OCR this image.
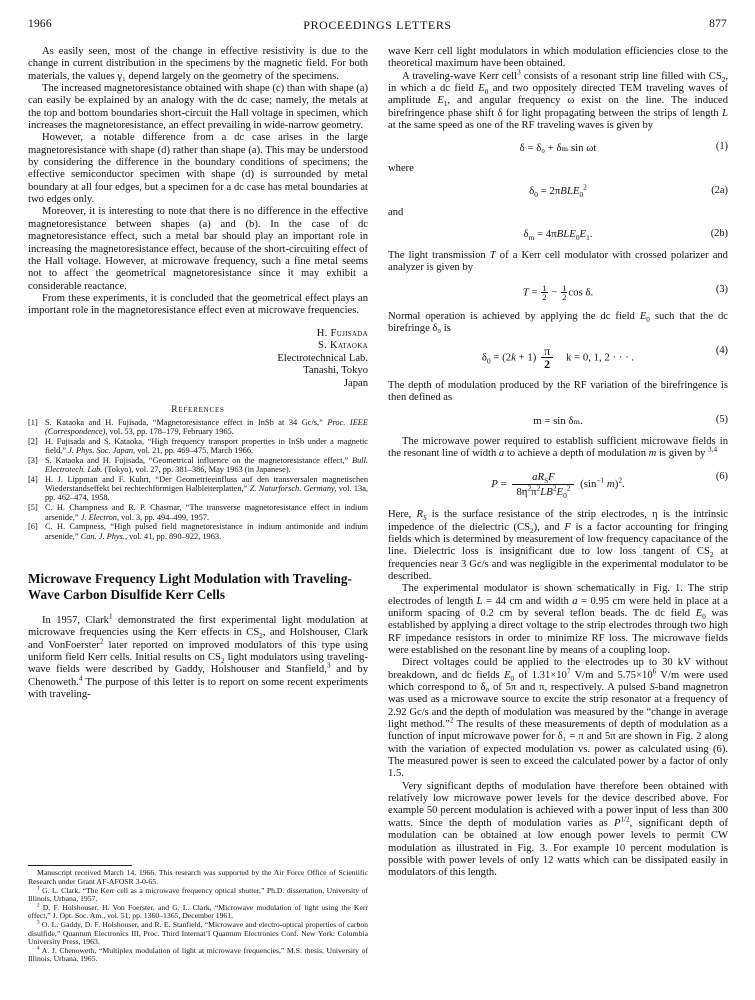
1966	PROCEEDINGS LETTERS	877

As easily seen, most of the change in effective resistivity is due to the change in current distribution in the specimens by the magnetic field. For both materials, the values γ₁ depend largely on the geometry of the specimens.

The increased magnetoresistance obtained with shape (c) than with shape (a) can easily be explained by an analogy with the dc case; namely, the metals at the top and bottom boundaries short-circuit the Hall voltage in specimen, which increases the magnetoresistance, an effect prevailing in wide-narrow geometry.

However, a notable difference from a dc case arises in the large magnetoresistance with shape (d) rather than shape (a). This may be understood by considering the difference in the boundary conditions of specimens; the effective semiconductor specimen with shape (d) is surrounded by metal boundary at all four edges, but a specimen for a dc case has metal boundaries at two edges only.

Moreover, it is interesting to note that there is no difference in the effective magnetoresistance between shapes (a) and (b). In the case of dc magnetoresistance effect, such a metal bar should play an important role in increasing the magnetoresistance effect, because of the short-circuiting effect of the Hall voltage. However, at microwave frequency, such a fine metal seems not to affect the geometrical magnetoresistance since it may exhibit a considerable reactance.

From these experiments, it is concluded that the geometrical effect plays an important role in the magnetoresistance effect even at microwave frequencies.

H. Fujisada
S. Kataoka
Electrotechnical Lab.
Tanashi, Tokyo
Japan
References
[1] S. Kataoka and H. Fujisada, “Magnetoresistance effect in InSb at 34 Gc/s,” Proc. IEEE (Correspondence), vol. 53, pp. 178–179, February 1965.
[2] H. Fujisada and S. Kataoka, “High frequency transport properties in InSb under a magnetic field,” J. Phys. Soc. Japan, vol. 21, pp. 469–475, March 1966.
[3] S. Kataoka and H. Fujisada, “Geometrical influence on the magnetoresistance effect,” Bull. Electrotech. Lab. (Tokyo), vol. 27, pp. 381–386, May 1963 (in Japanese).
[4] H. J. Lippman and F. Kuhrt, “Der Geometrieeinfluss auf den transversalen magnetischen Wiederstandseffekt bei rechtechförmigen Halbleiterplatten,” Z. Naturforsch. Germany, vol. 13a, pp. 462–474, 1958.
[5] C. H. Champness and R. P. Chasmar, “The transverse magnetoresistance effect in indium arsenide,” J. Electron, vol. 3, pp. 494–499, 1957.
[6] C. H. Campness, “High pulsed field magnetoresistance in indium antimonide and indium arsenide,” Can. J. Phys., vol. 41, pp. 890–922, 1963.
Microwave Frequency Light Modulation with Traveling-Wave Carbon Disulfide Kerr Cells

In 1957, Clark$^1$ demonstrated the first experimental light modulation at microwave frequencies using the Kerr effects in $CS_2$, and Holshouser, Clark and VonFoerster$^2$ later reported on improved modulators of this type using uniform field Kerr cells. Initial results on $CS_2$ light modulators using traveling-wave fields were described by Gaddy, Holshouser and Stanfield,$^3$ and by Chenoweth.$^4$ The purpose of this letter is to report on some recent experiments with traveling-

Manuscript received March 14, 1966. This research was supported by the Air Force Office of Scientific Research under Grant AF-AFOSR 3-0-65.

$^1$ G. L. Clark, “The Kerr cell as a microwave frequency optical shutter,” Ph.D. dissertation, University of Illinois, Urbana, 1957.

$^2$ D. F. Holshouser, H. Von Foerster, and G. L. Clark, “Microwave modulation of light using the Kerr effect,” J. Opt. Soc. Am., vol. 51, pp. 1360–1365, December 1961.

$^3$ O. L. Gaddy, D. F. Holshouser, and R. E. Stanfield, “Microwave and electro-optical properties of carbon disulfide,” Quantum Electronics III, Proc. Third Internat’l Quantum Electronics Conf. New York: Columbia University Press, 1963.

$^4$ A. J. Chenoweth, “Multiplex modulation of light at microwave frequencies,” M.S. thesis, University of Illinois, Urbana, 1965.

wave Kerr cell light modulators in which modulation efficiencies close to the theoretical maximum have been obtained.

A traveling-wave Kerr cell$^3$ consists of a resonant strip line filled with $CS_2$, in which a dc field $E_0$ and two oppositely directed TEM traveling waves of amplitude $E_1$, and angular frequency ω exist on the line. The induced birefringence phase shift δ for light propagating between the strips of length L at the same speed as one of the RF traveling waves is given by

δ = δ₀ + δₘ sin ωt	(1)

where

$\delta_0 = 2\pi BLE_0^2$	(2a)

and

$\delta_m = 4\pi BLE_0E_1$.	(2b)

The light transmission T of a Kerr cell modulator with crossed polarizer and analyzer is given by

$T = \frac{1}{2} - \frac{1}{2}$ cos δ.	(3)

Normal operation is achieved by applying the dc field $E_0$ such that the dc birefringe δ₀ is

$\delta_0 = (2k + 1) \frac{\pi}{2}$ k = 0, 1, 2 · · · .
(4)

The depth of modulation produced by the RF variation of the birefringence is then defined as

m = sin δₘ.	(5)

The microwave power required to establish sufficient microwave fields in the resonant line of width a to achieve a depth of modulation m is given by $^{3,4}$

P =
$aR_SF$
$8\eta^2\pi^2LB^2E_0^2$ ($\sin^{-1}$ m)$^2$.
(6)

Here, $R_S$ is the surface resistance of the strip electrodes, η is the intrinsic impedence of the dielectric $(CS_2)$, and F is a factor accounting for fringing fields which is determined by measurement of low frequency capacitance of the line. Dielectric loss is insignificant due to low loss tangent of $CS_2$ at frequencies near 3 Gc/s and was negligible in the experimental modulator to be described.

The experimental modulator is shown schematically in Fig. 1. The strip electrodes of length L = 44 cm and width a = 0.95 cm were held in place at a uniform spacing of 0.2 cm by several teflon beads. The dc field $E_0$ was established by applying a direct voltage to the strip electrodes through two high RF impedance resistors in order to minimize RF loss. The microwave fields were established on the resonant line by means of a coupling loop.

Direct voltages could be applied to the electrodes up to 30 kV without breakdown, and dc fields $E_0$ of $1.31\times 10^7$ V/m and $5.75\times 10^6$ V/m were used which correspond to δ₀ of 5π and π, respectively. A pulsed S-band magnetron was used as a microwave source to excite the strip resonator at a frequency of 2.92 Gc/s and the depth of modulation was measured by the “change in average light method.”$^2$ The results of these measurements of depth of modulation as a function of input microwave power for δ₁ = π and 5π are shown in Fig. 2 along with the variation of expected modulation vs. power as calculated using (6). The measured power is seen to exceed the calculated power by a factor of only 1.5.

Very significant depths of modulation have therefore been obtained with relatively low microwave power levels for the device described above. For example 50 percent modulation is achieved with a power input of less than 300 watts. Since the depth of modulation varies as $P^{1/2}$, significant depth of modulation can be obtained at low enough power levels to permit CW modulation as illustrated in Fig. 3. For example 10 percent modulation is possible with power levels of only 12 watts which can be dissipated easily in modulators of this length.
